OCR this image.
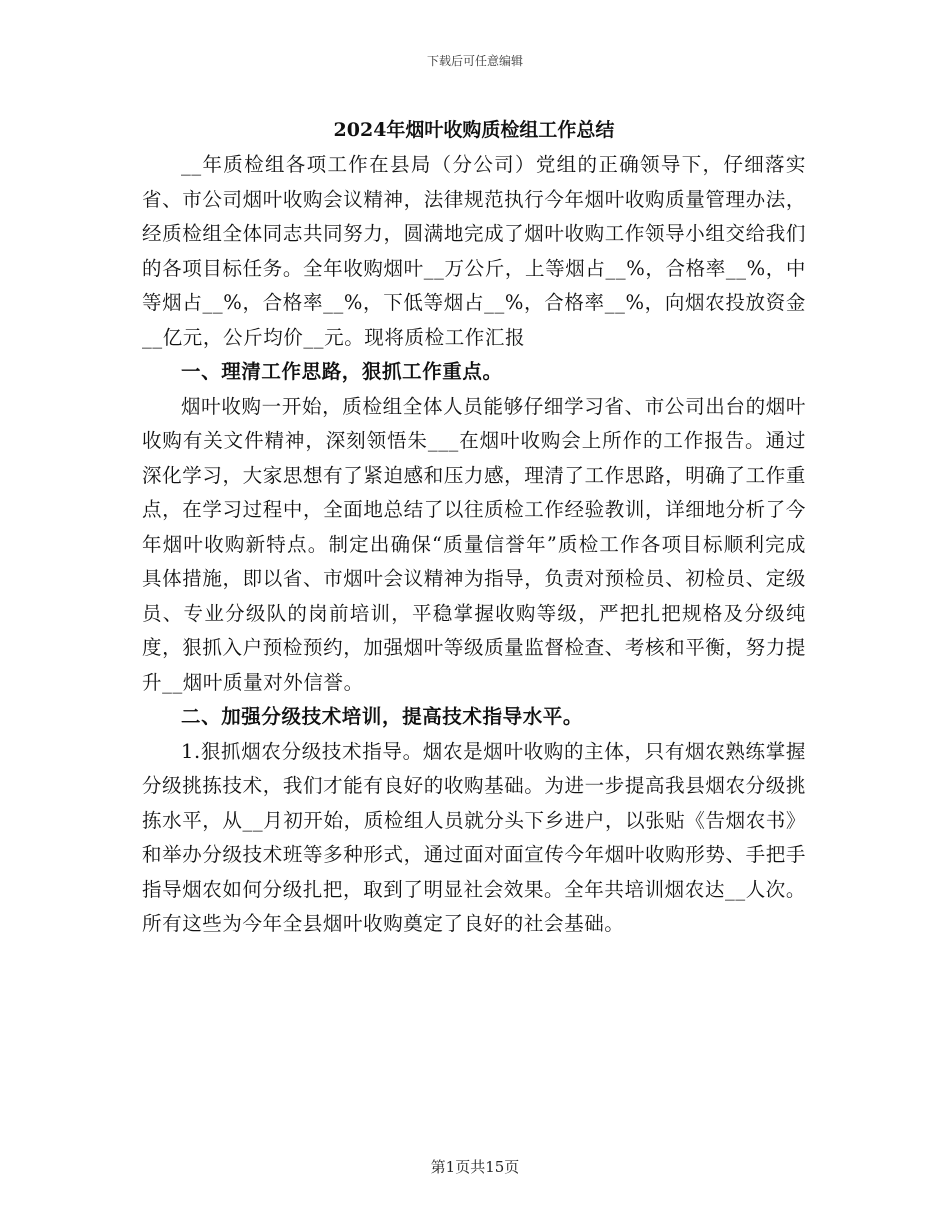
下载后可任意编辑
2024年烟叶收购质检组工作总结

__年质检组各项工作在县局（分公司）党组的正确领导下，仔细落实省、市公司烟叶收购会议精神，法律规范执行今年烟叶收购质量管理办法，经质检组全体同志共同努力，圆满地完成了烟叶收购工作领导小组交给我们的各项目标任务。全年收购烟叶__万公斤，上等烟占__%，合格率__%，中等烟占__%，合格率__%，下低等烟占__%，合格率__%，向烟农投放资金__亿元，公斤均价__元。现将质检工作汇报

一、理清工作思路，狠抓工作重点。

烟叶收购一开始，质检组全体人员能够仔细学习省、市公司出台的烟叶收购有关文件精神，深刻领悟朱___在烟叶收购会上所作的工作报告。通过深化学习，大家思想有了紧迫感和压力感，理清了工作思路，明确了工作重点，在学习过程中，全面地总结了以往质检工作经验教训，详细地分析了今年烟叶收购新特点。制定出确保“质量信誉年”质检工作各项目标顺利完成具体措施，即以省、市烟叶会议精神为指导，负责对预检员、初检员、定级员、专业分级队的岗前培训，平稳掌握收购等级，严把扎把规格及分级纯度，狠抓入户预检预约，加强烟叶等级质量监督检查、考核和平衡，努力提升__烟叶质量对外信誉。

二、加强分级技术培训，提高技术指导水平。

1.狠抓烟农分级技术指导。烟农是烟叶收购的主体，只有烟农熟练掌握分级挑拣技术，我们才能有良好的收购基础。为进一步提高我县烟农分级挑拣水平，从__月初开始，质检组人员就分头下乡进户，以张贴《告烟农书》和举办分级技术班等多种形式，通过面对面宣传今年烟叶收购形势、手把手指导烟农如何分级扎把，取到了明显社会效果。全年共培训烟农达__人次。所有这些为今年全县烟叶收购奠定了良好的社会基础。

第1页共15页
